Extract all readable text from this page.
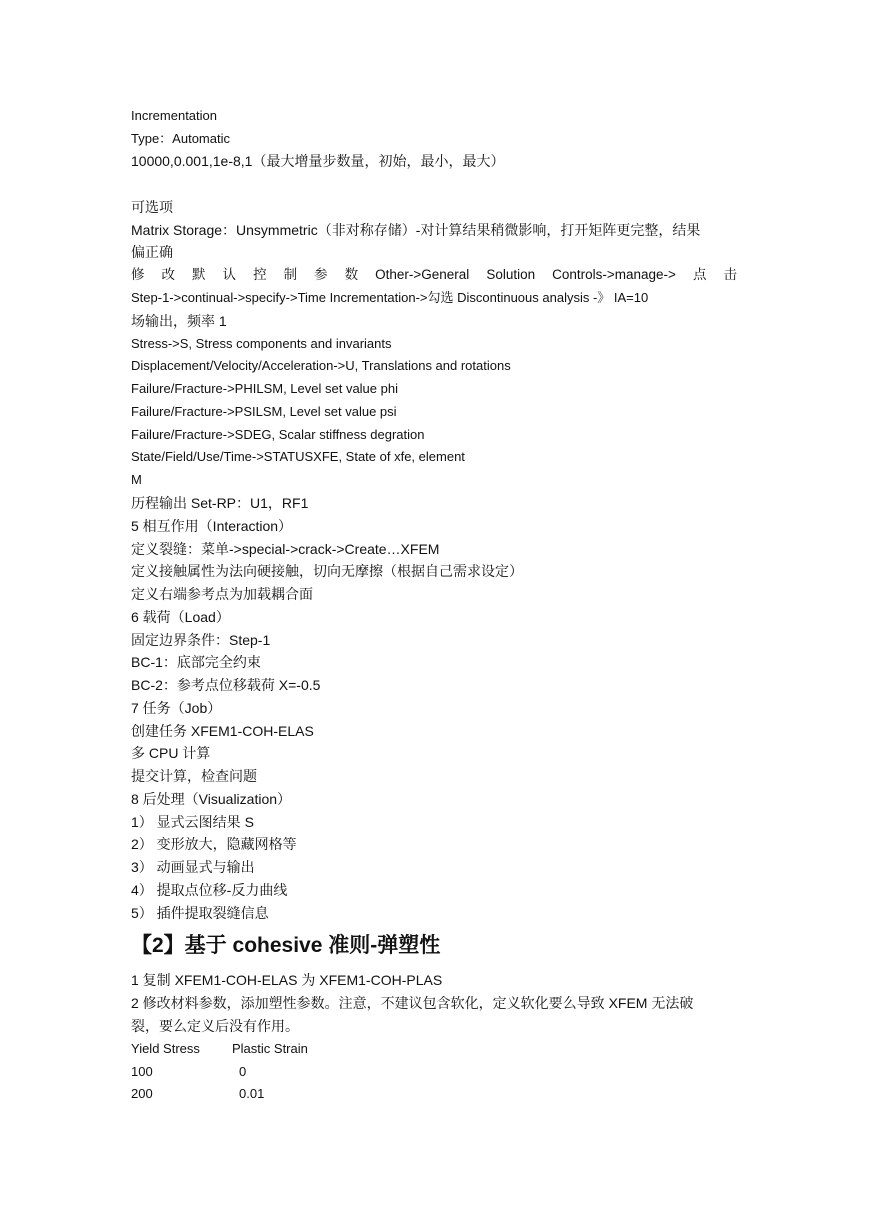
Incrementation
Type：Automatic
10000,0.001,1e-8,1（最大增量步数量，初始，最小，最大）
可选项
Matrix Storage：Unsymmetric（非对称存储）-对计算结果稍微影响，打开矩阵更完整，结果
偏正确
修 改 默 认 控 制 参 数 Other->General Solution Controls->manage-> 点 击
Step-1->continual->specify->Time Incrementation->勾选 Discontinuous analysis -》 IA=10
场输出，频率 1
Stress->S, Stress components and invariants
Displacement/Velocity/Acceleration->U, Translations and rotations
Failure/Fracture->PHILSM, Level set value phi
Failure/Fracture->PSILSM, Level set value psi
Failure/Fracture->SDEG, Scalar stiffness degration
State/Field/Use/Time->STATUSXFE, State of xfe, element
M
历程输出 Set-RP：U1，RF1
5 相互作用（Interaction）
定义裂缝：菜单->special->crack->Create…XFEM
定义接触属性为法向硬接触，切向无摩擦（根据自己需求设定）
定义右端参考点为加载耦合面
6 载荷（Load）
固定边界条件：Step-1
BC-1：底部完全约束
BC-2：参考点位移载荷 X=-0.5
7 任务（Job）
创建任务 XFEM1-COH-ELAS
多 CPU 计算
提交计算，检查问题
8 后处理（Visualization）
1） 显式云图结果 S
2） 变形放大，隐藏网格等
3） 动画显式与输出
4） 提取点位移-反力曲线
5） 插件提取裂缝信息
【2】基于 cohesive 准则-弹塑性
1 复制 XFEM1-COH-ELAS 为 XFEM1-COH-PLAS
2 修改材料参数，添加塑性参数。注意，不建议包含软化，定义软化要么导致 XFEM 无法破
裂，要么定义后没有作用。
Yield Stress Plastic Strain
100	0
200	0.01
